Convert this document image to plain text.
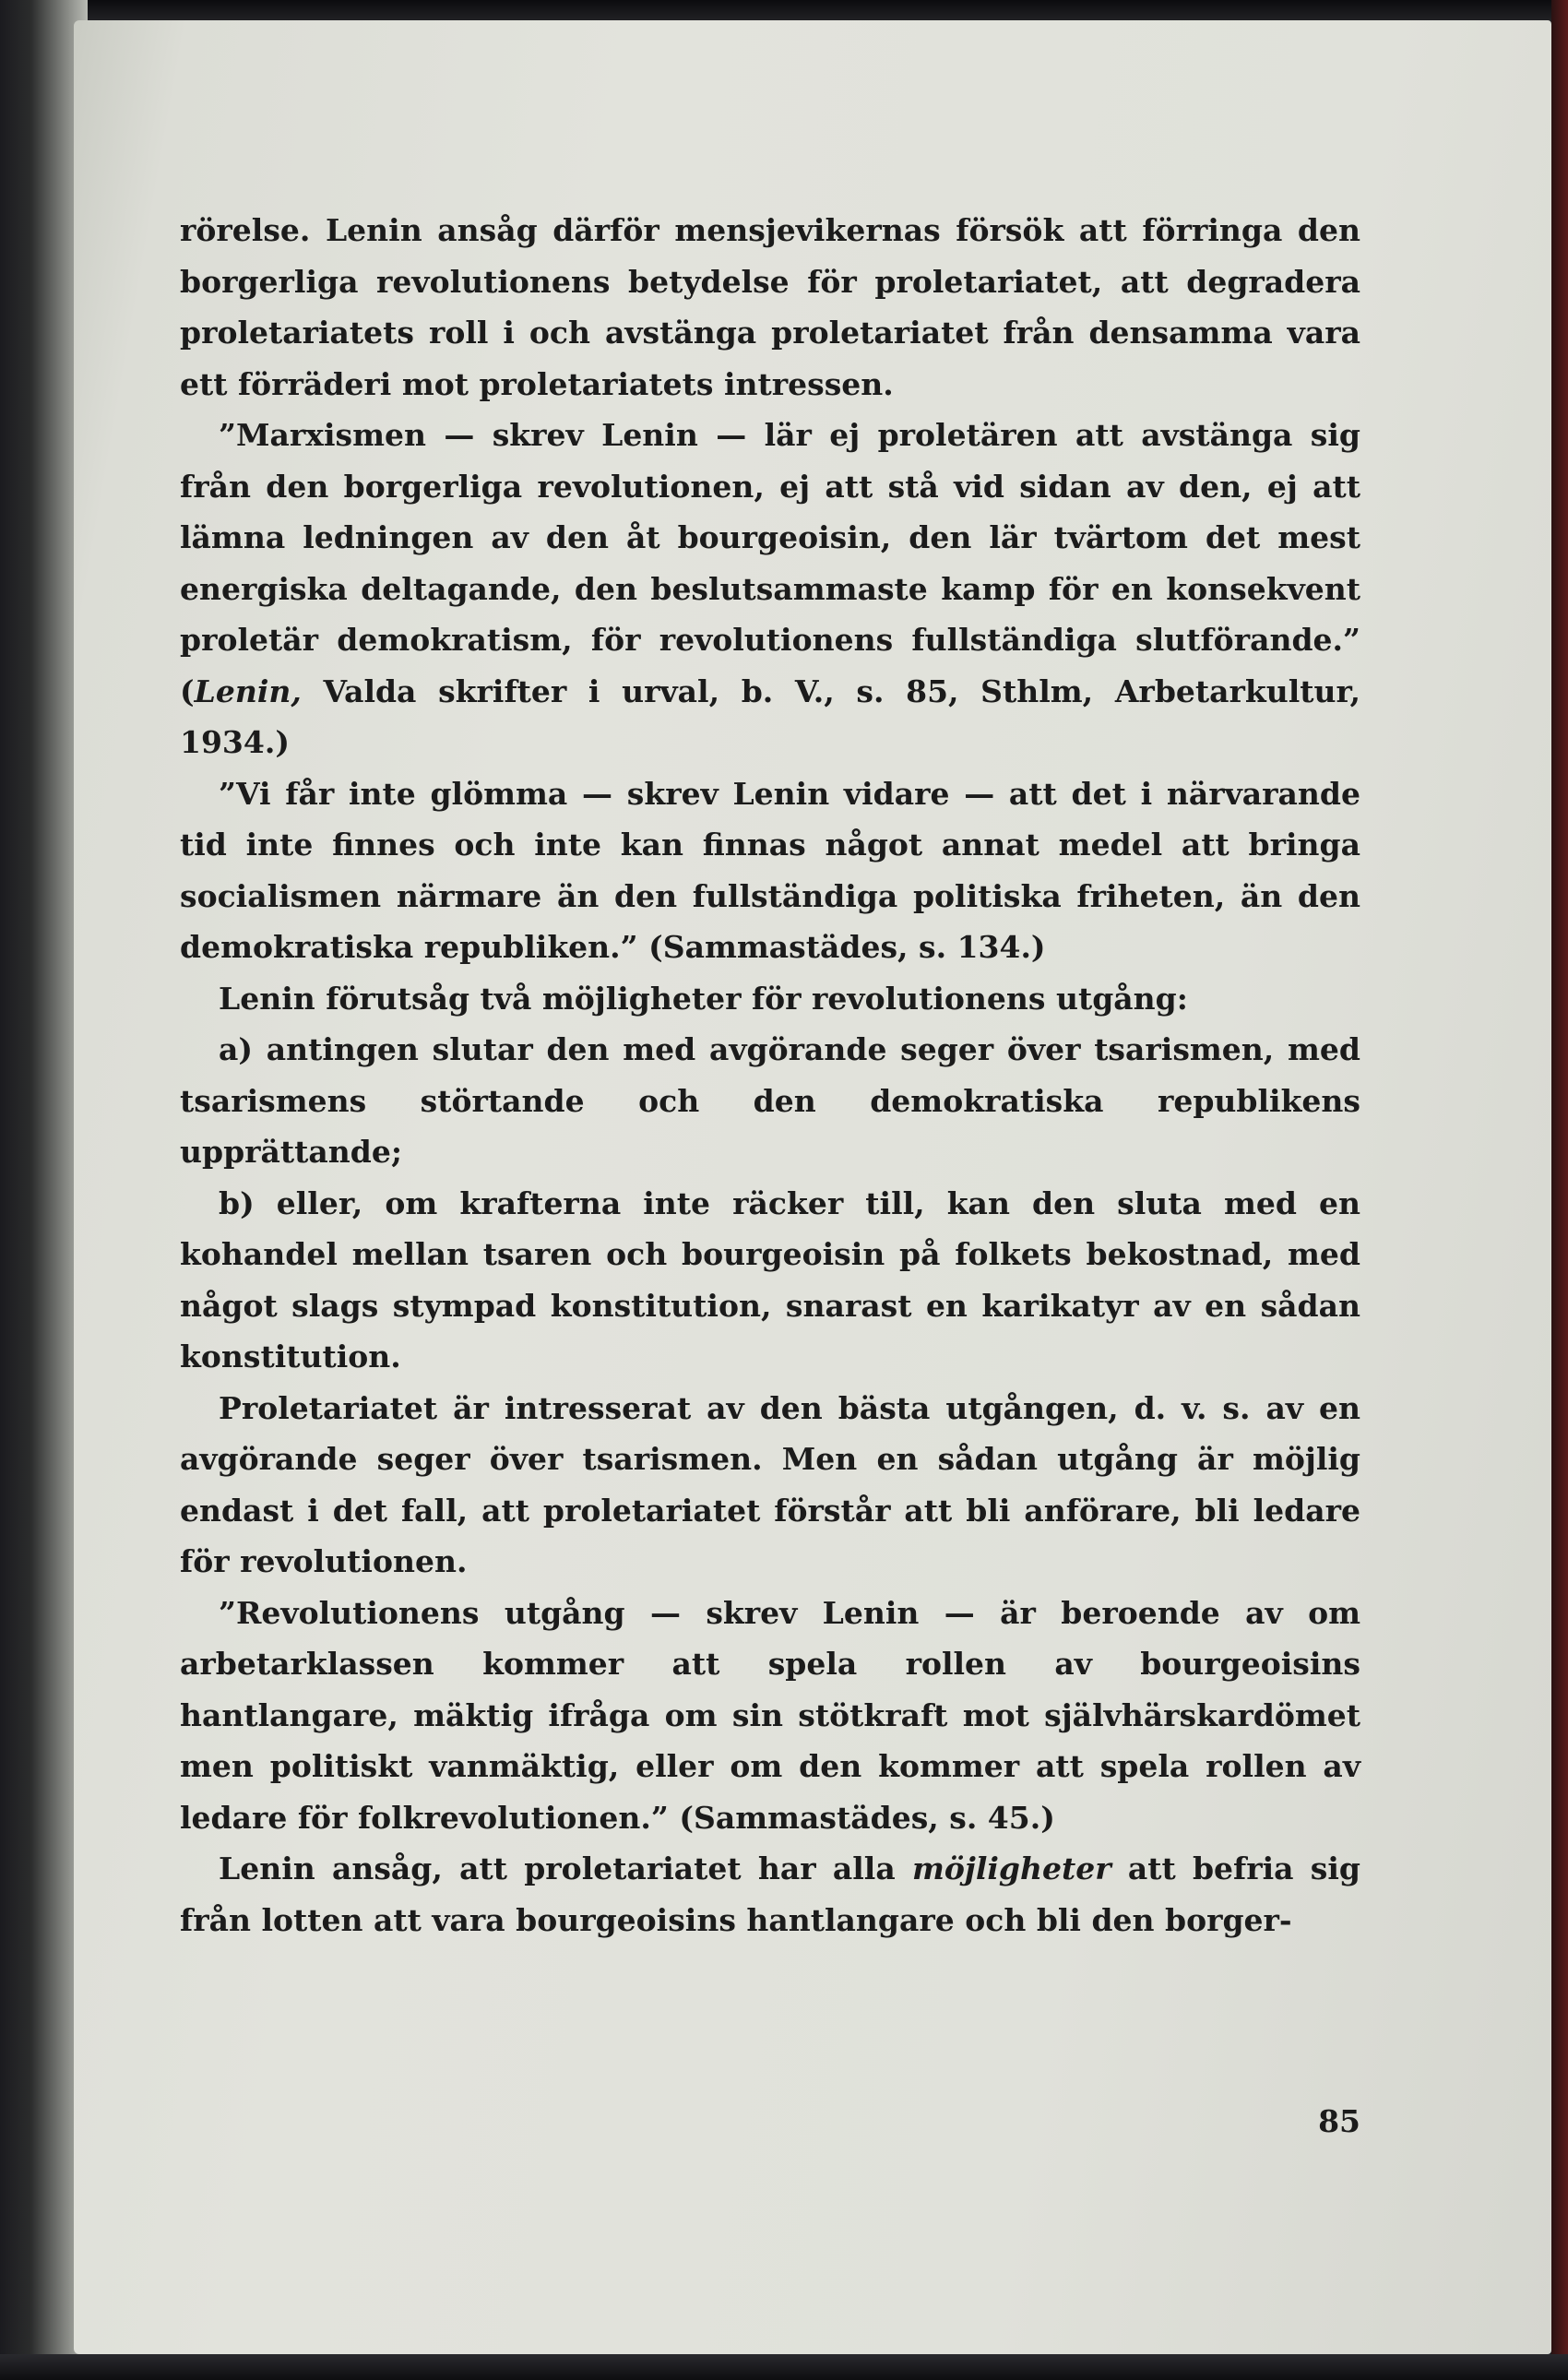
rörelse. Lenin ansåg därför mensjevikernas försök att förringa den borgerliga revolutionens betydelse för proletariatet, att degradera proletariatets roll i och avstänga proletariatet från densamma vara ett förräderi mot proletariatets intressen.

”Marxismen — skrev Lenin — lär ej proletären att avstänga sig från den borgerliga revolutionen, ej att stå vid sidan av den, ej att lämna ledningen av den åt bourgeoisin, den lär tvärtom det mest energiska deltagande, den beslutsammaste kamp för en konsekvent proletär demokratism, för revolutionens fullständiga slutförande.” (Lenin, Valda skrifter i urval, b. V., s. 85, Sthlm, Arbetarkultur, 1934.)

”Vi får inte glömma — skrev Lenin vidare — att det i närvarande tid inte finnes och inte kan finnas något annat medel att bringa socialismen närmare än den fullständiga politiska friheten, än den demokratiska republiken.” (Sammastädes, s. 134.)

Lenin förutsåg två möjligheter för revolutionens utgång:

a) antingen slutar den med avgörande seger över tsarismen, med tsarismens störtande och den demokratiska republikens upprättande;

b) eller, om krafterna inte räcker till, kan den sluta med en kohandel mellan tsaren och bourgeoisin på folkets bekostnad, med något slags stympad konstitution, snarast en karikatyr av en sådan konstitution.

Proletariatet är intresserat av den bästa utgången, d. v. s. av en avgörande seger över tsarismen. Men en sådan utgång är möjlig endast i det fall, att proletariatet förstår att bli anförare, bli ledare för revolutionen.

”Revolutionens utgång — skrev Lenin — är beroende av om arbetarklassen kommer att spela rollen av bourgeoisins hantlangare, mäktig ifråga om sin stötkraft mot självhärskardömet men politiskt vanmäktig, eller om den kommer att spela rollen av ledare för folkrevolutionen.” (Sammastädes, s. 45.)

Lenin ansåg, att proletariatet har alla möjligheter att befria sig från lotten att vara bourgeoisins hantlangare och bli den borger-

85
